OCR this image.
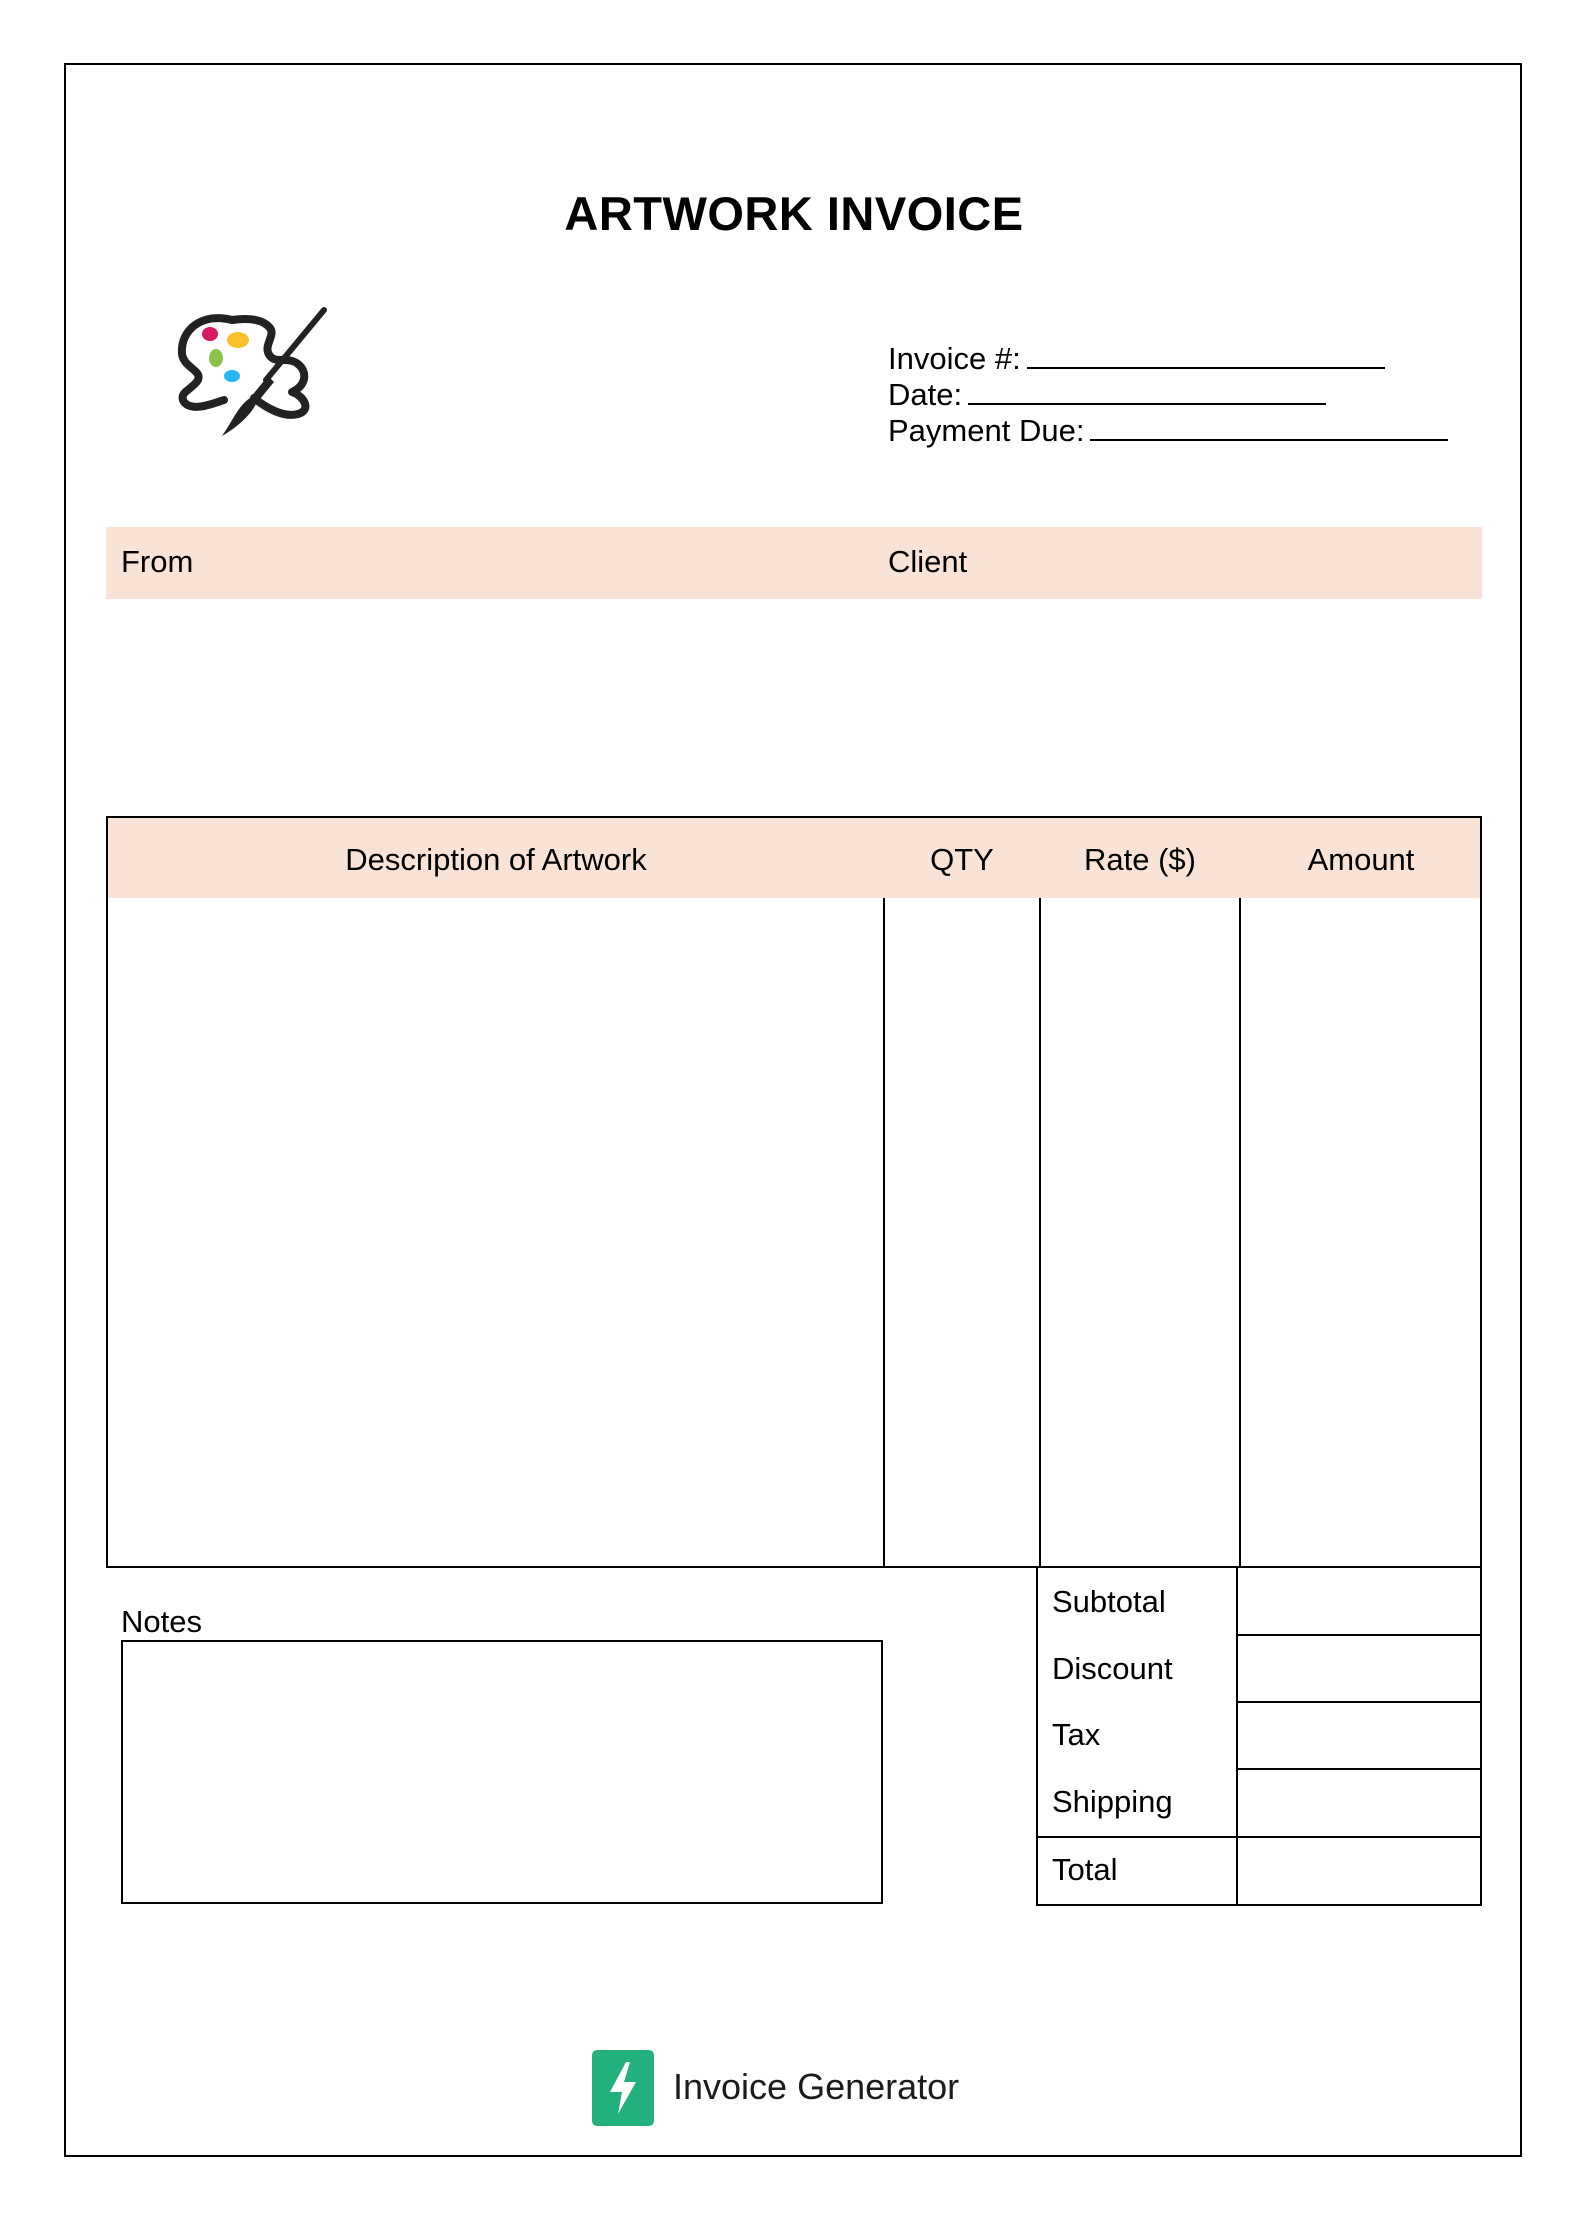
ARTWORK INVOICE
Invoice #:
Date:
Payment Due:
From	Client
Description of Artwork	QTY	Rate ($)	Amount
Subtotal
Discount
Tax
Shipping
Total
Notes
Invoice Generator
